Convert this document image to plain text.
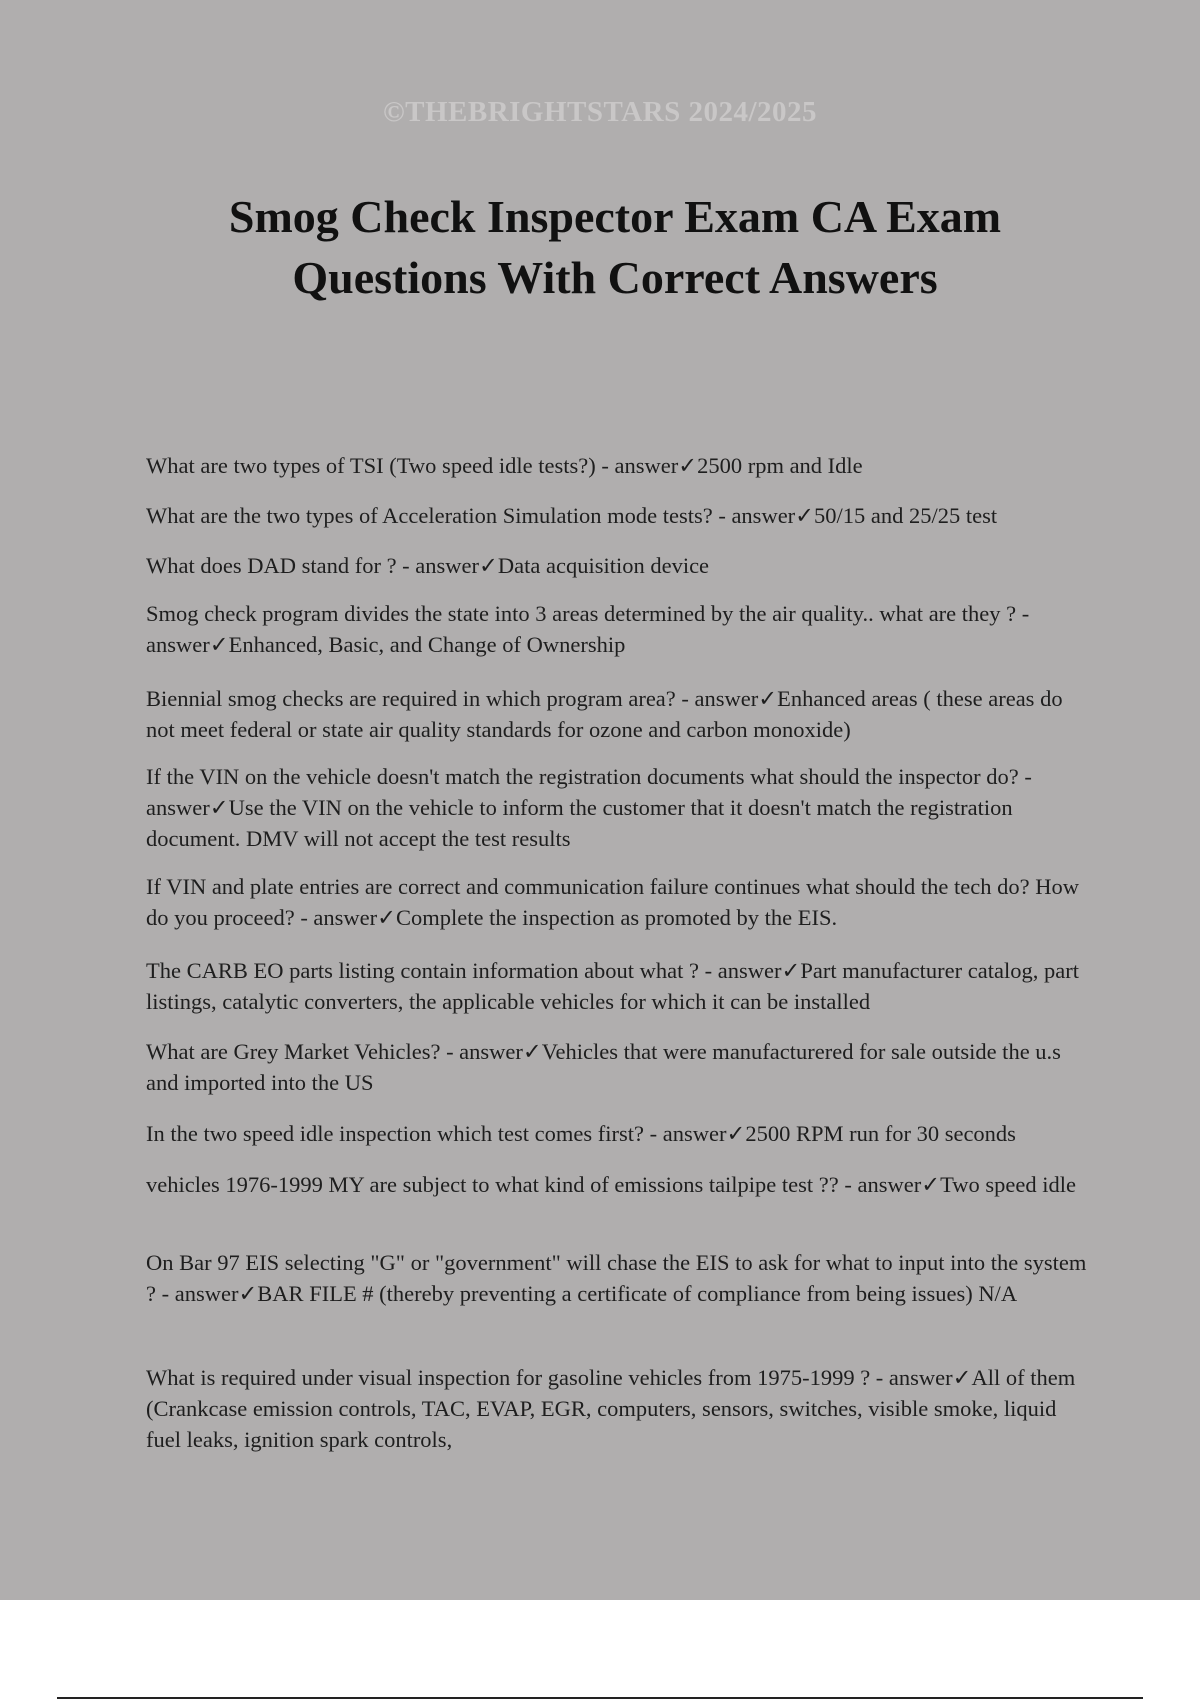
©THEBRIGHTSTARS 2024/2025
Smog Check Inspector Exam CA Exam Questions With Correct Answers

What are two types of TSI (Two speed idle tests?) - answer✓2500 rpm and Idle

What are the two types of Acceleration Simulation mode tests? - answer✓50/15 and 25/25 test

What does DAD stand for ? - answer✓Data acquisition device

Smog check program divides the state into 3 areas determined by the air quality.. what are they ? - answer✓Enhanced, Basic, and Change of Ownership

Biennial smog checks are required in which program area? - answer✓Enhanced areas ( these areas do not meet federal or state air quality standards for ozone and carbon monoxide)

If the VIN on the vehicle doesn't match the registration documents what should the inspector do? - answer✓Use the VIN on the vehicle to inform the customer that it doesn't match the registration document. DMV will not accept the test results

If VIN and plate entries are correct and communication failure continues what should the tech do? How do you proceed? - answer✓Complete the inspection as promoted by the EIS.

The CARB EO parts listing contain information about what ? - answer✓Part manufacturer catalog, part listings, catalytic converters, the applicable vehicles for which it can be installed

What are Grey Market Vehicles? - answer✓Vehicles that were manufacturered for sale outside the u.s and imported into the US

In the two speed idle inspection which test comes first? - answer✓2500 RPM run for 30 seconds

vehicles 1976-1999 MY are subject to what kind of emissions tailpipe test ?? - answer✓Two speed idle

On Bar 97 EIS selecting "G" or "government" will chase the EIS to ask for what to input into the system ? - answer✓BAR FILE # (thereby preventing a certificate of compliance from being issues) N/A

What is required under visual inspection for gasoline vehicles from 1975-1999 ? - answer✓All of them (Crankcase emission controls, TAC, EVAP, EGR, computers, sensors, switches, visible smoke, liquid fuel leaks, ignition spark controls,
